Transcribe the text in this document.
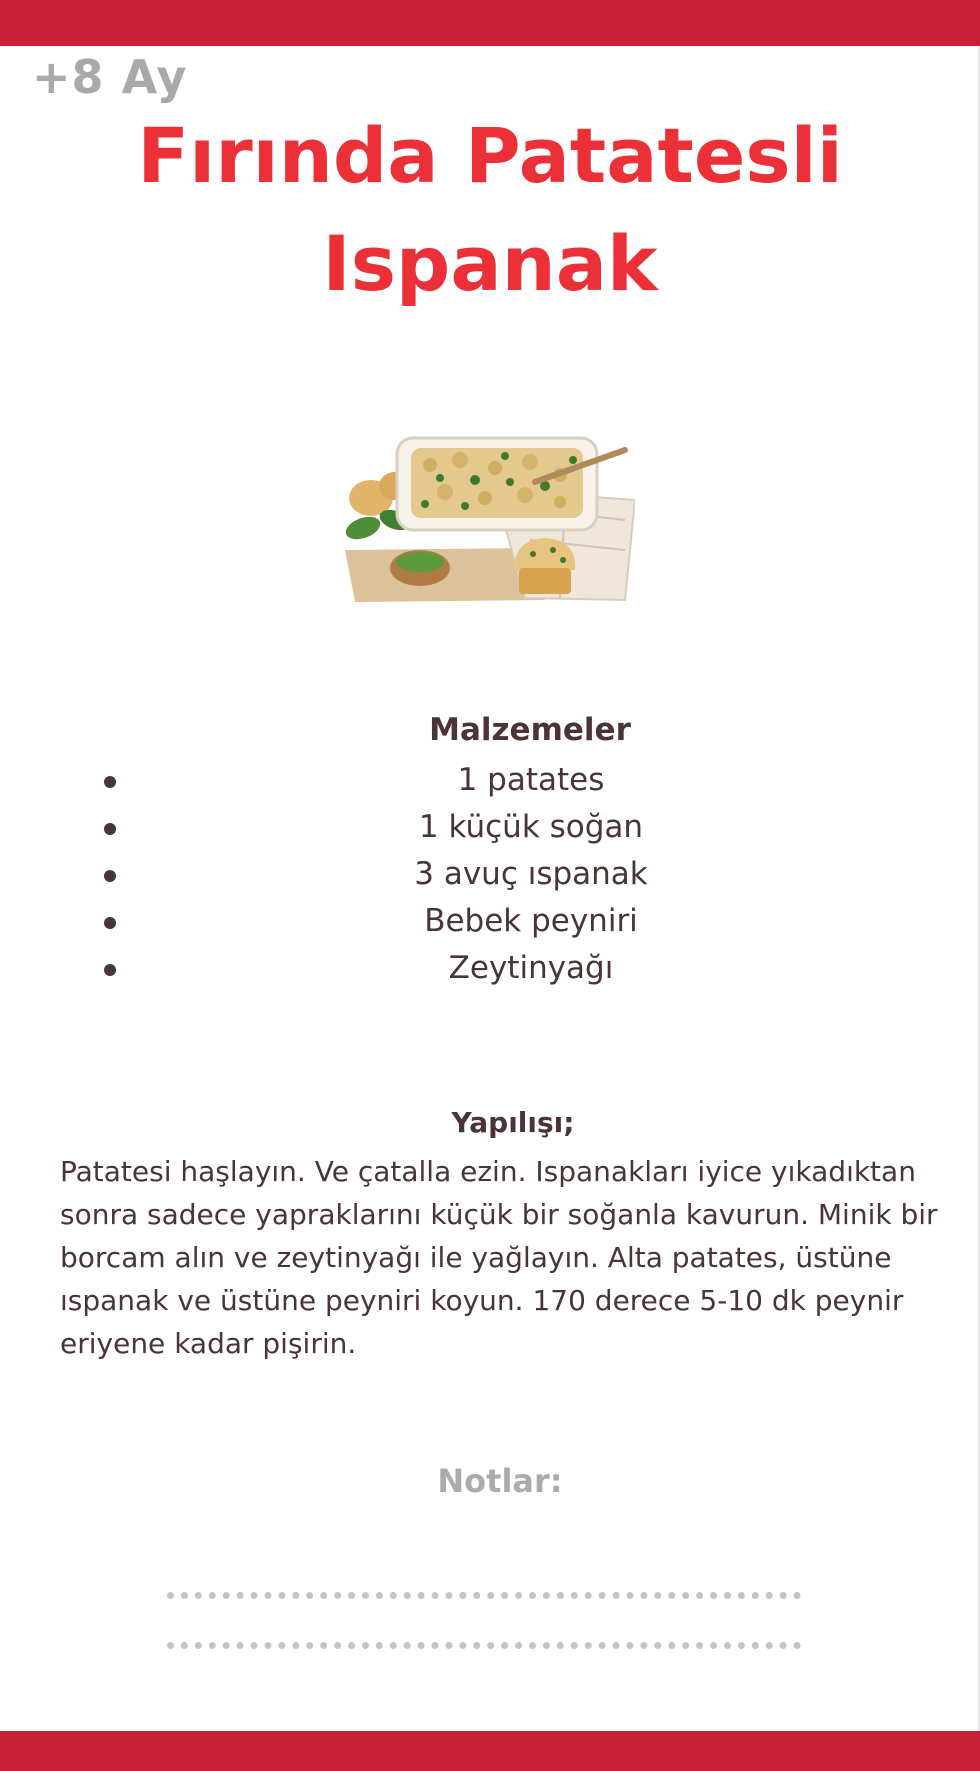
+8 Ay
Fırında Patatesli
Ispanak
Malzemeler
1 patates
1 küçük soğan
3 avuç ıspanak
Bebek peyniri
Zeytinyağı
Yapılışı;
Patatesi haşlayın. Ve çatalla ezin. Ispanakları iyice yıkadıktan sonra sadece yapraklarını küçük bir soğanla kavurun. Minik bir borcam alın ve zeytinyağı ile yağlayın. Alta patates, üstüne ıspanak ve üstüne peyniri koyun. 170 derece 5-10 dk peynir eriyene kadar pişirin.
Notlar:
